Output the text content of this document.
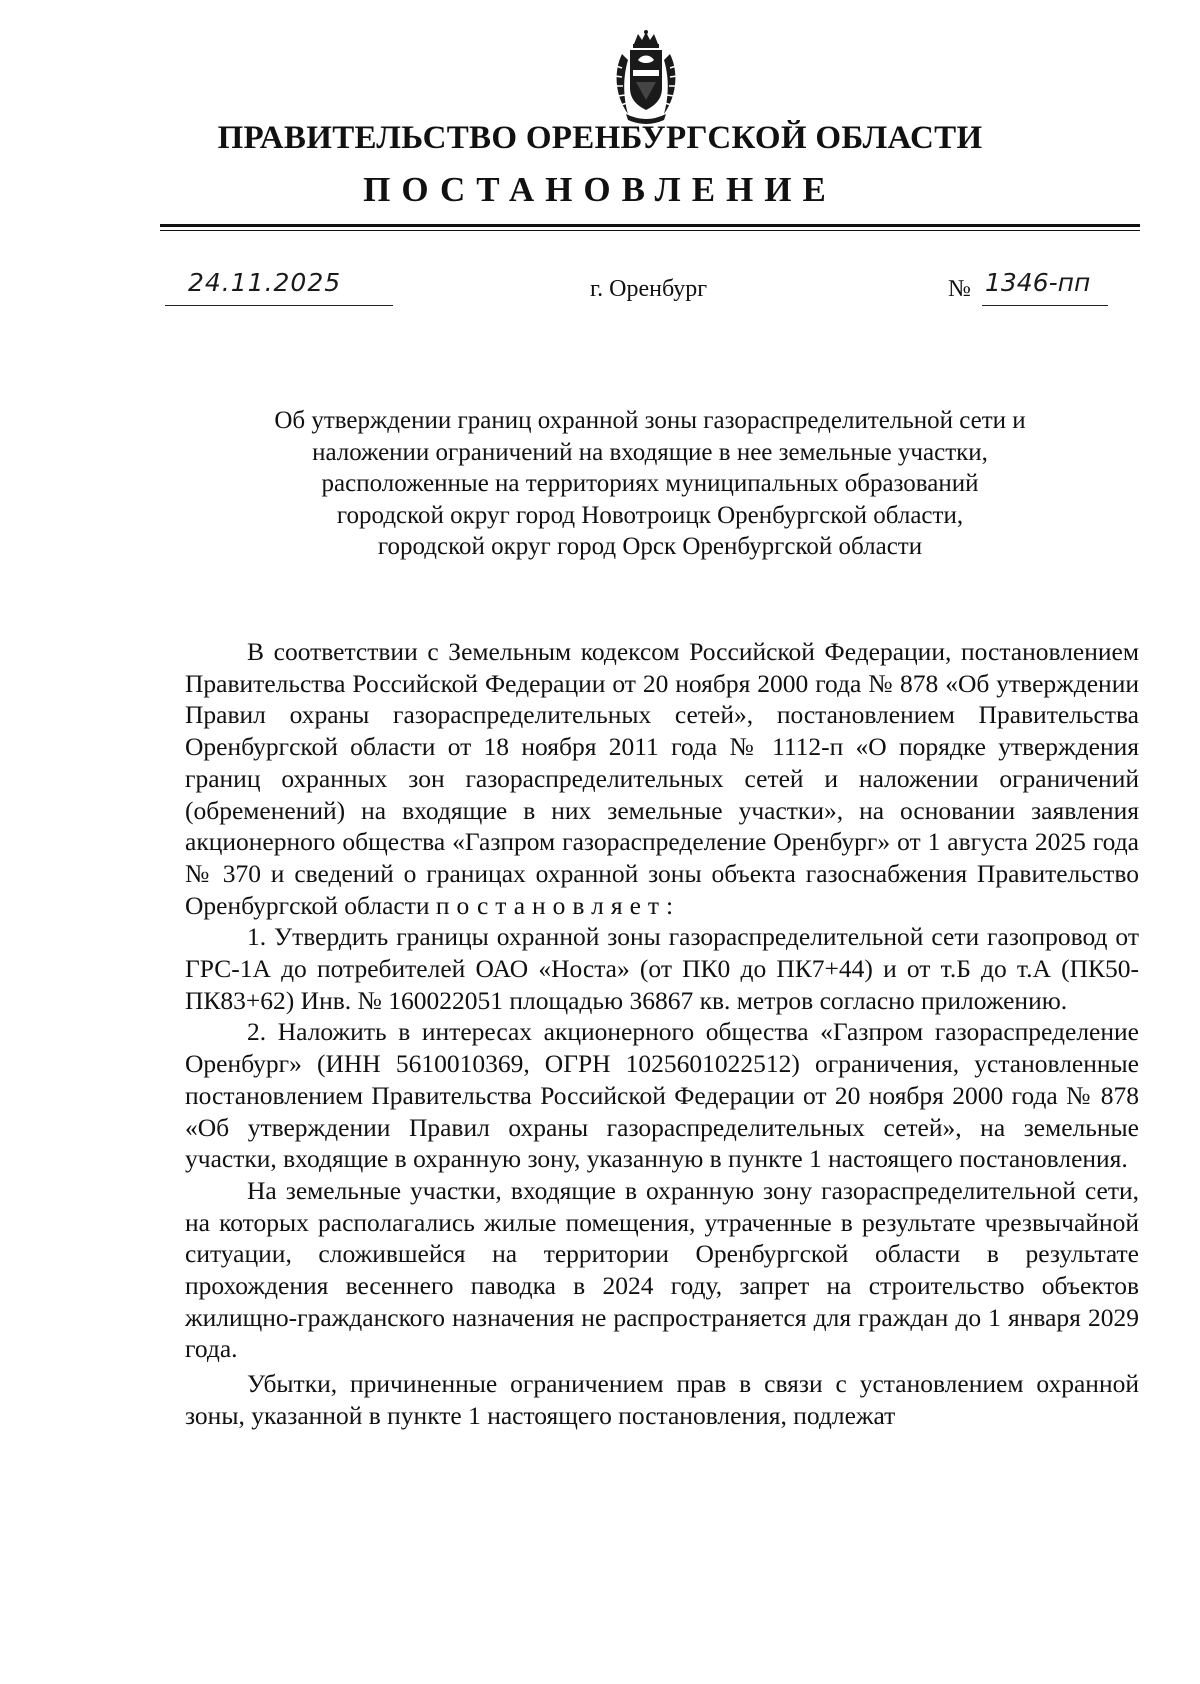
ПРАВИТЕЛЬСТВО ОРЕНБУРГСКОЙ ОБЛАСТИ
ПОСТАНОВЛЕНИЕ
24.11.2025	г. Оренбург	№ 1346-пп
Об утверждении границ охранной зоны газораспределительной сети и
наложении ограничений на входящие в нее земельные участки,
расположенные на территориях муниципальных образований
городской округ город Новотроицк Оренбургской области,
городской округ город Орск Оренбургской области

В соответствии с Земельным кодексом Российской Федерации, постановлением Правительства Российской Федерации от 20 ноября 2000 года № 878 «Об утверждении Правил охраны газораспределительных сетей», постановлением Правительства Оренбургской области от 18 ноября 2011 года № 1112-п «О порядке утверждения границ охранных зон газораспределительных сетей и наложении ограничений (обременений) на входящие в них земельные участки», на основании заявления акционерного общества «Газпром газораспределение Оренбург» от 1 августа 2025 года № 370 и сведений о границах охранной зоны объекта газоснабжения Правительство Оренбургской области постановляет:

1. Утвердить границы охранной зоны газораспределительной сети газопровод от ГРС-1А до потребителей ОАО «Носта» (от ПК0 до ПК7+44) и от т.Б до т.А (ПК50-ПК83+62) Инв. № 160022051 площадью 36867 кв. метров согласно приложению.

2. Наложить в интересах акционерного общества «Газпром газораспределение Оренбург» (ИНН 5610010369, ОГРН 1025601022512) ограничения, установленные постановлением Правительства Российской Федерации от 20 ноября 2000 года № 878 «Об утверждении Правил охраны газораспределительных сетей», на земельные участки, входящие в охранную зону, указанную в пункте 1 настоящего постановления.

На земельные участки, входящие в охранную зону газораспределительной сети, на которых располагались жилые помещения, утраченные в результате чрезвычайной ситуации, сложившейся на территории Оренбургской области в результате прохождения весеннего паводка в 2024 году, запрет на строительство объектов жилищно-гражданского назначения не распространяется для граждан до 1 января 2029 года.

Убытки, причиненные ограничением прав в связи с установлением охранной зоны, указанной в пункте 1 настоящего постановления, подлежат
